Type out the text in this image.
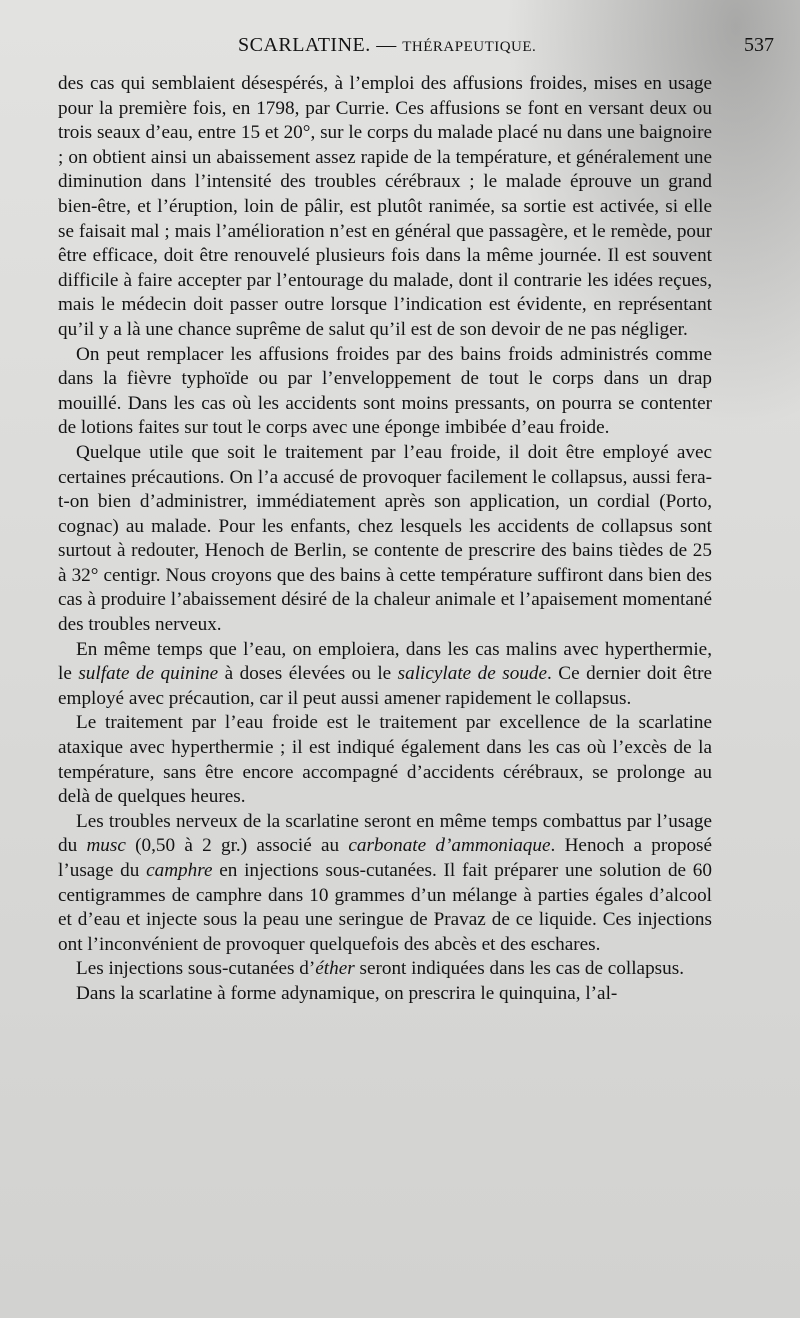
SCARLATINE. — THÉRAPEUTIQUE.	537

des cas qui semblaient désespérés, à l’emploi des affusions froides, mises en usage pour la première fois, en 1798, par Currie. Ces affusions se font en versant deux ou trois seaux d’eau, entre 15 et 20°, sur le corps du malade placé nu dans une baignoire ; on obtient ainsi un abaissement assez rapide de la température, et généralement une diminution dans l’intensité des troubles cérébraux ; le malade éprouve un grand bien-être, et l’éruption, loin de pâlir, est plutôt ranimée, sa sortie est activée, si elle se faisait mal ; mais l’amélioration n’est en général que passagère, et le remède, pour être efficace, doit être renouvelé plusieurs fois dans la même journée. Il est souvent difficile à faire accepter par l’entourage du malade, dont il contrarie les idées reçues, mais le médecin doit passer outre lorsque l’indication est évidente, en représentant qu’il y a là une chance suprême de salut qu’il est de son devoir de ne pas négliger.

On peut remplacer les affusions froides par des bains froids administrés comme dans la fièvre typhoïde ou par l’enveloppement de tout le corps dans un drap mouillé. Dans les cas où les accidents sont moins pressants, on pourra se contenter de lotions faites sur tout le corps avec une éponge imbibée d’eau froide.

Quelque utile que soit le traitement par l’eau froide, il doit être employé avec certaines précautions. On l’a accusé de provoquer facilement le collapsus, aussi fera-t-on bien d’administrer, immédiatement après son application, un cordial (Porto, cognac) au malade. Pour les enfants, chez lesquels les accidents de collapsus sont surtout à redouter, Henoch de Berlin, se contente de prescrire des bains tièdes de 25 à 32° centigr. Nous croyons que des bains à cette température suffiront dans bien des cas à produire l’abaissement désiré de la chaleur animale et l’apaisement momentané des troubles nerveux.

En même temps que l’eau, on emploiera, dans les cas malins avec hyperthermie, le sulfate de quinine à doses élevées ou le salicylate de soude. Ce dernier doit être employé avec précaution, car il peut aussi amener rapidement le collapsus.

Le traitement par l’eau froide est le traitement par excellence de la scarlatine ataxique avec hyperthermie ; il est indiqué également dans les cas où l’excès de la température, sans être encore accompagné d’accidents cérébraux, se prolonge au delà de quelques heures.

Les troubles nerveux de la scarlatine seront en même temps combattus par l’usage du musc (0,50 à 2 gr.) associé au carbonate d’ammoniaque. Henoch a proposé l’usage du camphre en injections sous-cutanées. Il fait préparer une solution de 60 centigrammes de camphre dans 10 grammes d’un mélange à parties égales d’alcool et d’eau et injecte sous la peau une seringue de Pravaz de ce liquide. Ces injections ont l’inconvénient de provoquer quelquefois des abcès et des eschares.

Les injections sous-cutanées d’éther seront indiquées dans les cas de collapsus.

Dans la scarlatine à forme adynamique, on prescrira le quinquina, l’al-
